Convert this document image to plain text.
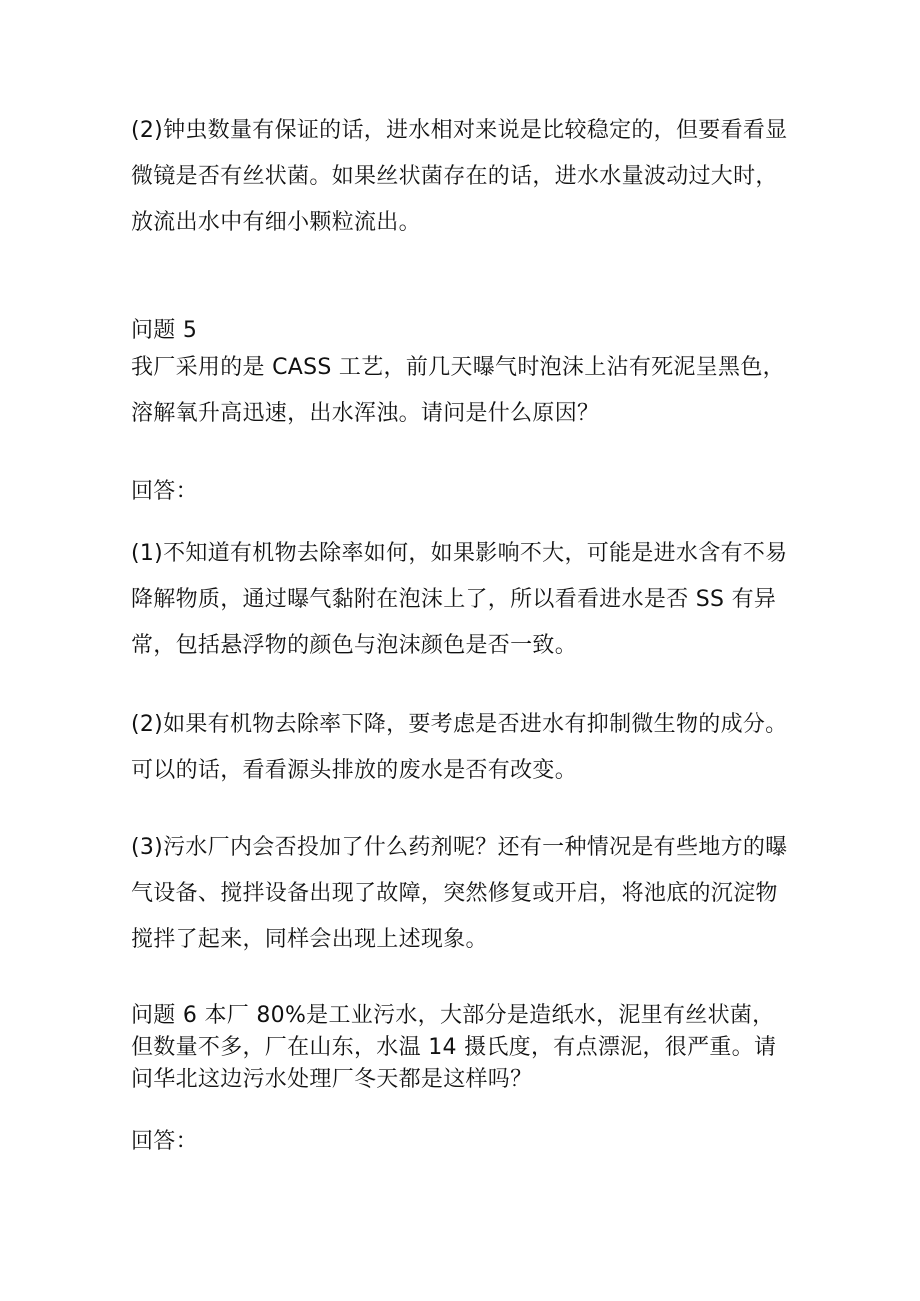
(2)钟虫数量有保证的话，进水相对来说是比较稳定的，但要看看显微镜是否有丝状菌。如果丝状菌存在的话，进水水量波动过大时，放流出水中有细小颗粒流出。

问题 5

我厂采用的是 CASS 工艺，前几天曝气时泡沫上沾有死泥呈黑色，溶解氧升高迅速，出水浑浊。请问是什么原因？

回答：

(1)不知道有机物去除率如何，如果影响不大，可能是进水含有不易降解物质，通过曝气黏附在泡沫上了，所以看看进水是否 SS 有异常，包括悬浮物的颜色与泡沫颜色是否一致。

(2)如果有机物去除率下降，要考虑是否进水有抑制微生物的成分。可以的话，看看源头排放的废水是否有改变。

(3)污水厂内会否投加了什么药剂呢？还有一种情况是有些地方的曝气设备、搅拌设备出现了故障，突然修复或开启，将池底的沉淀物搅拌了起来，同样会出现上述现象。

问题 6 本厂 80%是工业污水，大部分是造纸水，泥里有丝状菌，但数量不多，厂在山东，水温 14 摄氏度，有点漂泥，很严重。请问华北这边污水处理厂冬天都是这样吗？

回答：
